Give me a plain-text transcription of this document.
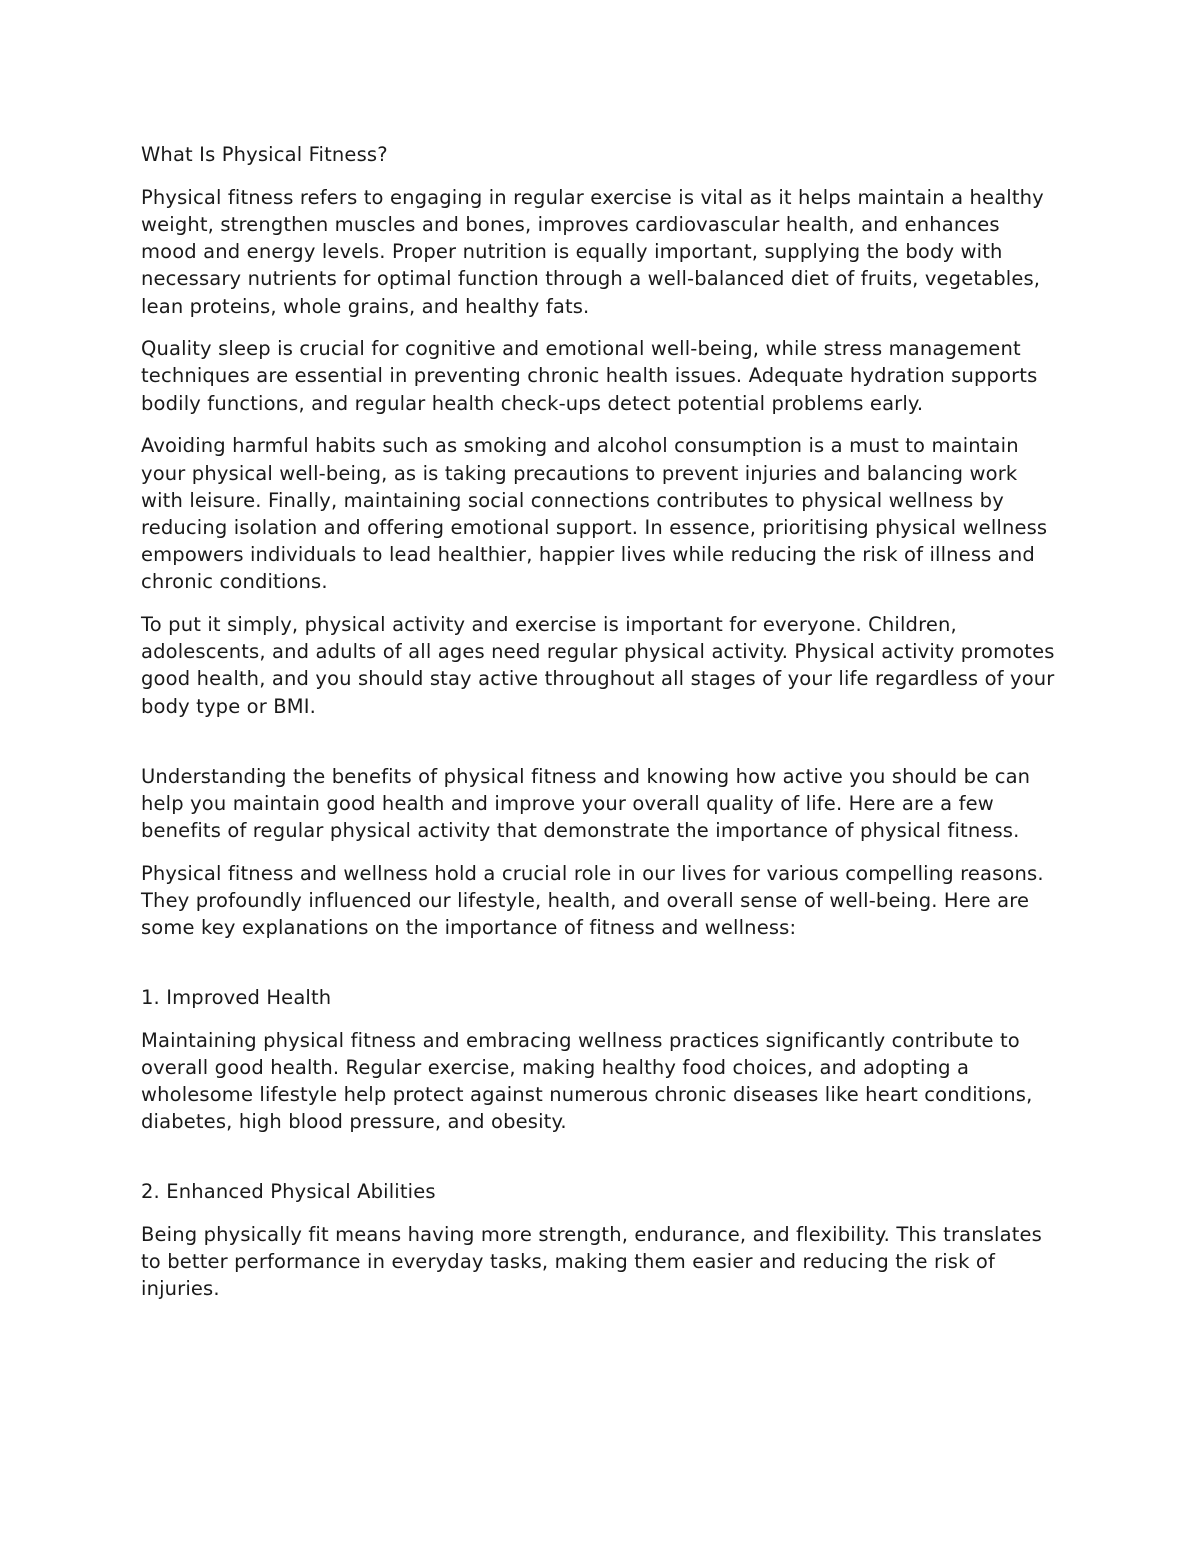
What Is Physical Fitness?

Physical fitness refers to engaging in regular exercise is vital as it helps maintain a healthy weight, strengthen muscles and bones, improves cardiovascular health, and enhances mood and energy levels. Proper nutrition is equally important, supplying the body with necessary nutrients for optimal function through a well-balanced diet of fruits, vegetables, lean proteins, whole grains, and healthy fats.

Quality sleep is crucial for cognitive and emotional well-being, while stress management techniques are essential in preventing chronic health issues. Adequate hydration supports bodily functions, and regular health check-ups detect potential problems early.

Avoiding harmful habits such as smoking and alcohol consumption is a must to maintain your physical well-being, as is taking precautions to prevent injuries and balancing work with leisure. Finally, maintaining social connections contributes to physical wellness by reducing isolation and offering emotional support. In essence, prioritising physical wellness empowers individuals to lead healthier, happier lives while reducing the risk of illness and chronic conditions.

To put it simply, physical activity and exercise is important for everyone. Children, adolescents, and adults of all ages need regular physical activity. Physical activity promotes good health, and you should stay active throughout all stages of your life regardless of your body type or BMI.

Understanding the benefits of physical fitness and knowing how active you should be can help you maintain good health and improve your overall quality of life. Here are a few benefits of regular physical activity that demonstrate the importance of physical fitness.

Physical fitness and wellness hold a crucial role in our lives for various compelling reasons. They profoundly influenced our lifestyle, health, and overall sense of well-being. Here are some key explanations on the importance of fitness and wellness:

1. Improved Health

Maintaining physical fitness and embracing wellness practices significantly contribute to overall good health. Regular exercise, making healthy food choices, and adopting a wholesome lifestyle help protect against numerous chronic diseases like heart conditions, diabetes, high blood pressure, and obesity.

2. Enhanced Physical Abilities

Being physically fit means having more strength, endurance, and flexibility. This translates to better performance in everyday tasks, making them easier and reducing the risk of injuries.
